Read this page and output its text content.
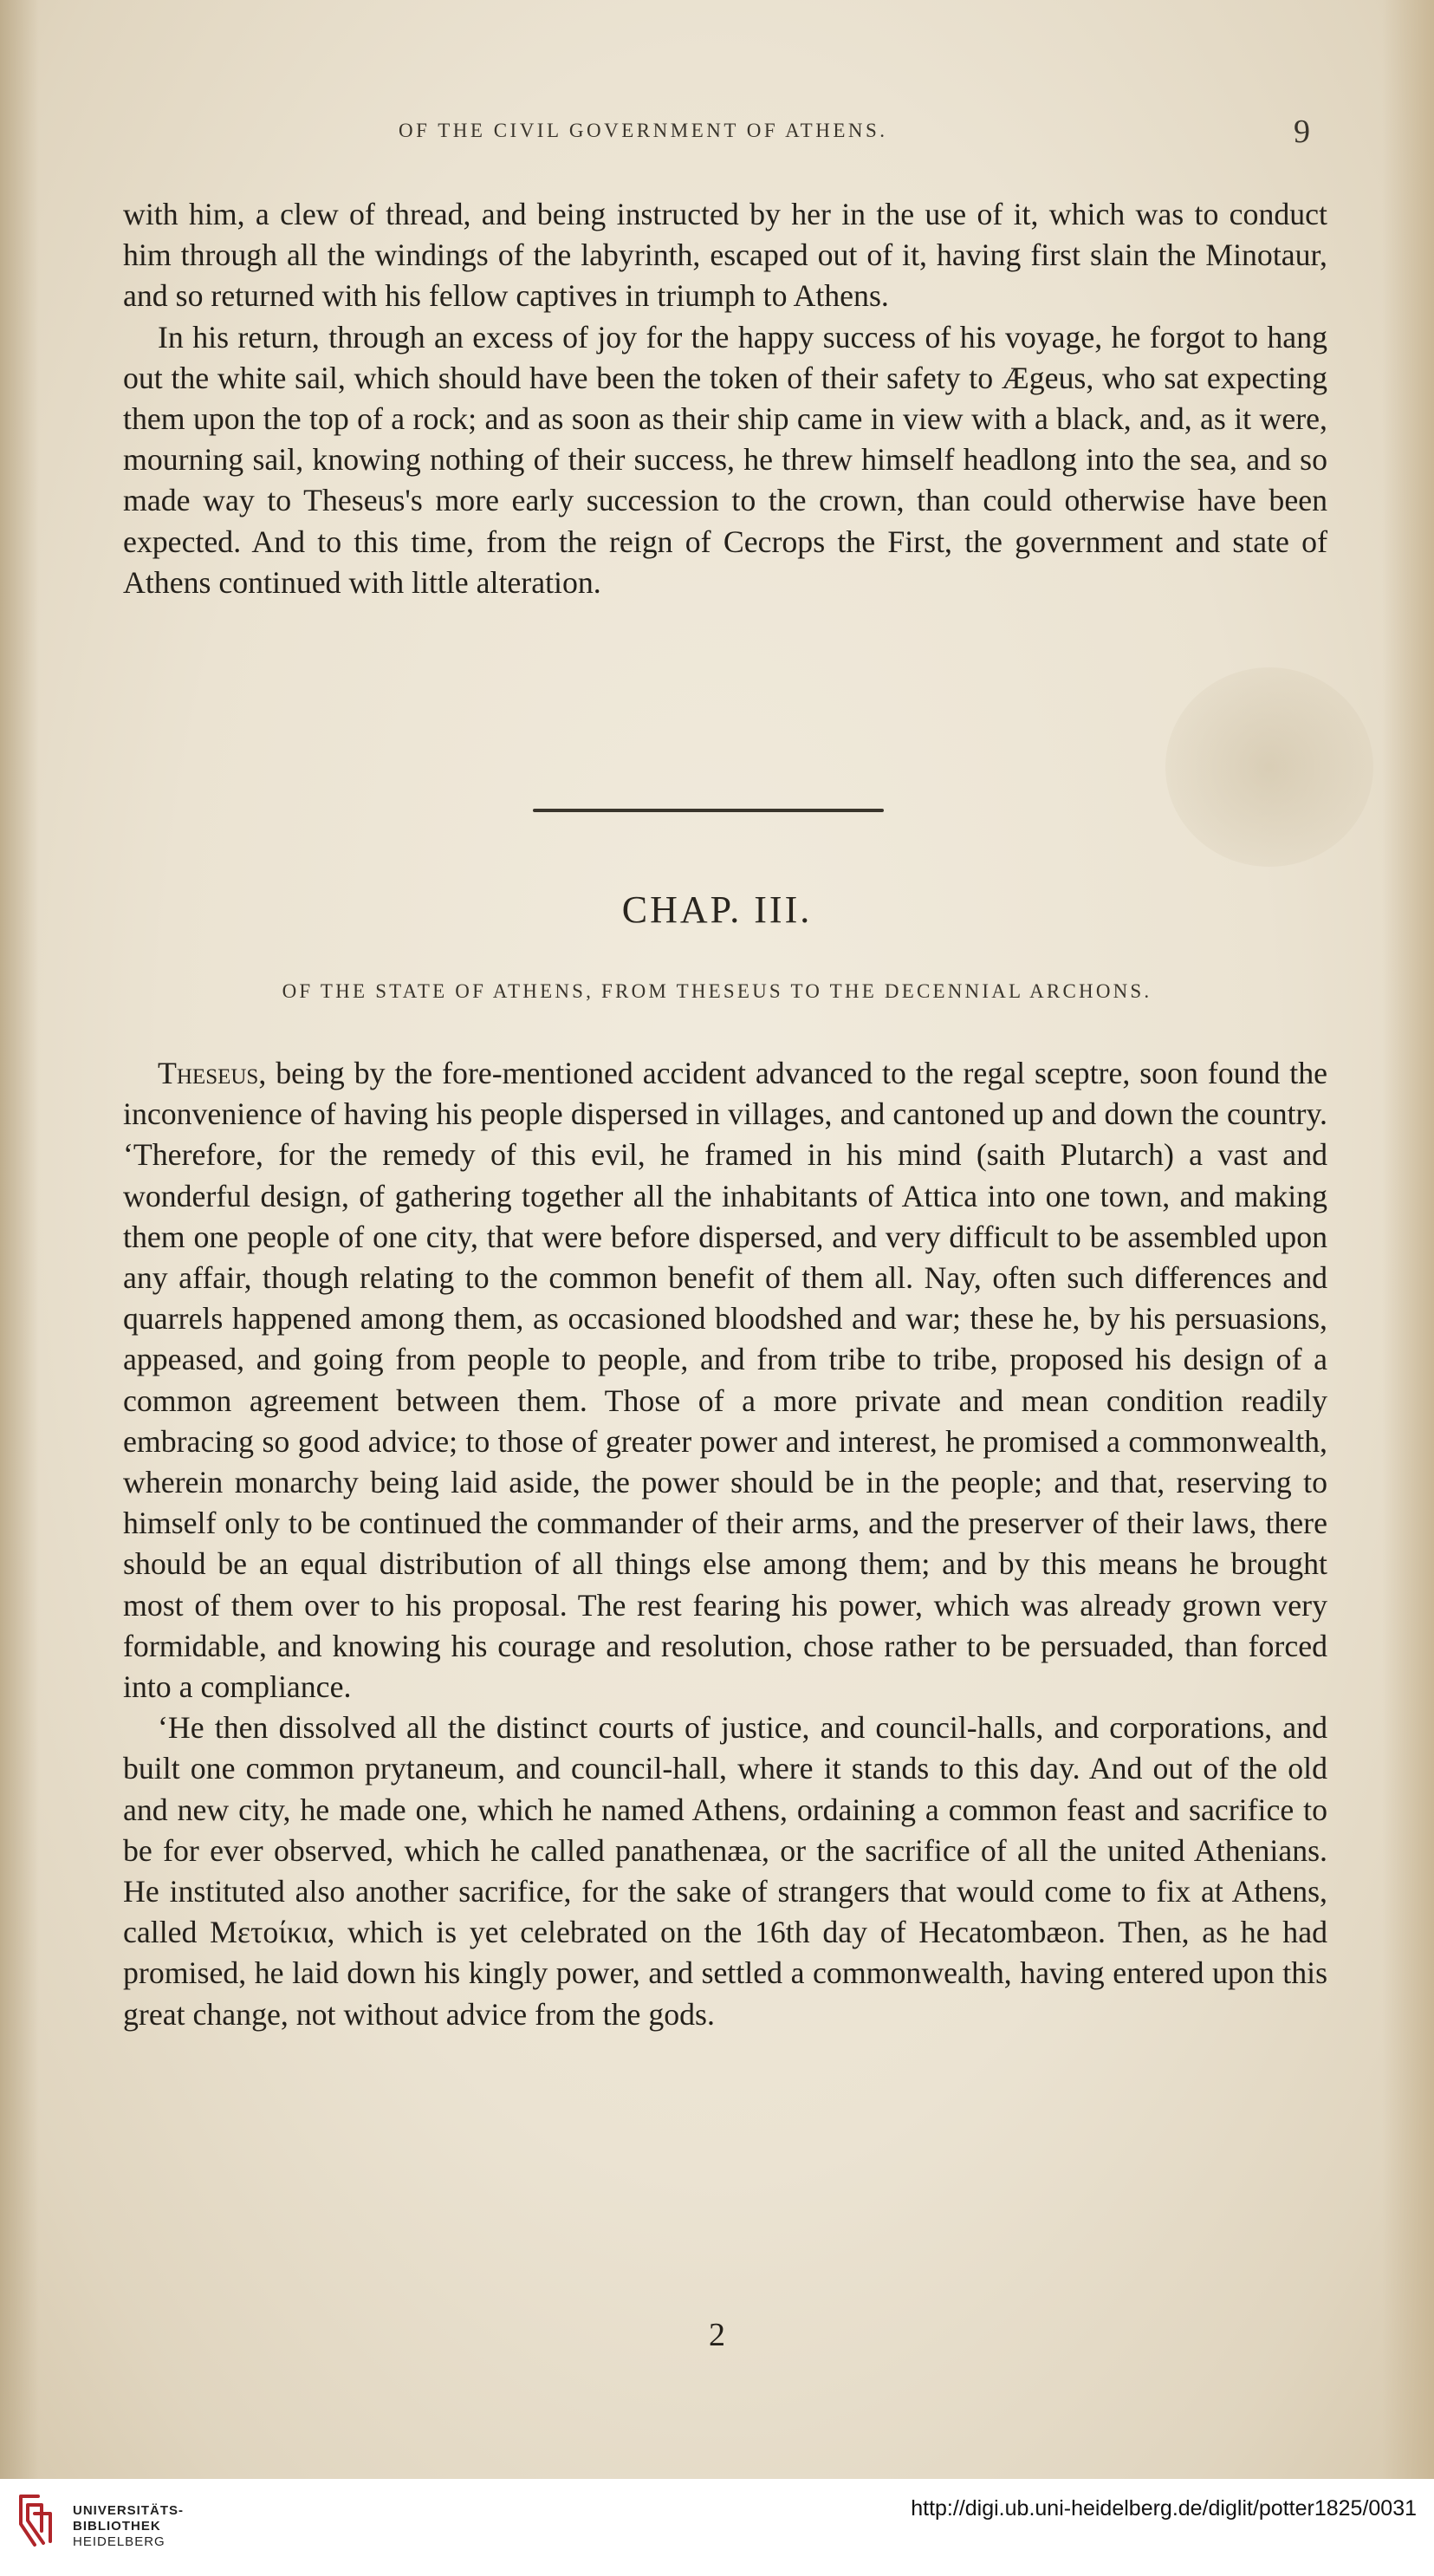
OF THE CIVIL GOVERNMENT OF ATHENS.	9

with him, a clew of thread, and being instructed by her in the use of it, which was to conduct him through all the windings of the labyrinth, escaped out of it, having first slain the Minotaur, and so returned with his fellow captives in triumph to Athens.

In his return, through an excess of joy for the happy success of his voyage, he forgot to hang out the white sail, which should have been the token of their safety to Ægeus, who sat expecting them upon the top of a rock; and as soon as their ship came in view with a black, and, as it were, mourning sail, knowing nothing of their success, he threw himself headlong into the sea, and so made way to Theseus's more early succession to the crown, than could otherwise have been expected. And to this time, from the reign of Cecrops the First, the government and state of Athens continued with little alteration.

CHAP. III.
OF THE STATE OF ATHENS, FROM THESEUS TO THE DECENNIAL ARCHONS.

Theseus, being by the fore-mentioned accident advanced to the regal sceptre, soon found the inconvenience of having his people dispersed in villages, and cantoned up and down the country. ‘Therefore, for the remedy of this evil, he framed in his mind (saith Plutarch) a vast and wonderful design, of gathering together all the inhabitants of Attica into one town, and making them one people of one city, that were before dispersed, and very difficult to be assembled upon any affair, though relating to the common benefit of them all. Nay, often such differences and quarrels happened among them, as occasioned bloodshed and war; these he, by his persuasions, appeased, and going from people to people, and from tribe to tribe, proposed his design of a common agreement between them. Those of a more private and mean condition readily embracing so good advice; to those of greater power and interest, he promised a commonwealth, wherein monarchy being laid aside, the power should be in the people; and that, reserving to himself only to be continued the commander of their arms, and the preserver of their laws, there should be an equal distribution of all things else among them; and by this means he brought most of them over to his proposal. The rest fearing his power, which was already grown very formidable, and knowing his courage and resolution, chose rather to be persuaded, than forced into a compliance.

‘He then dissolved all the distinct courts of justice, and council-halls, and corporations, and built one common prytaneum, and council-hall, where it stands to this day. And out of the old and new city, he made one, which he named Athens, ordaining a common feast and sacrifice to be for ever observed, which he called panathenæa, or the sacrifice of all the united Athenians. He instituted also another sacrifice, for the sake of strangers that would come to fix at Athens, called Μετοίκια, which is yet celebrated on the 16th day of Hecatombæon. Then, as he had promised, he laid down his kingly power, and settled a commonwealth, having entered upon this great change, not without advice from the gods.

2
UNIVERSITÄTS-
BIBLIOTHEK
HEIDELBERG
http://digi.ub.uni-heidelberg.de/diglit/potter1825/0031
